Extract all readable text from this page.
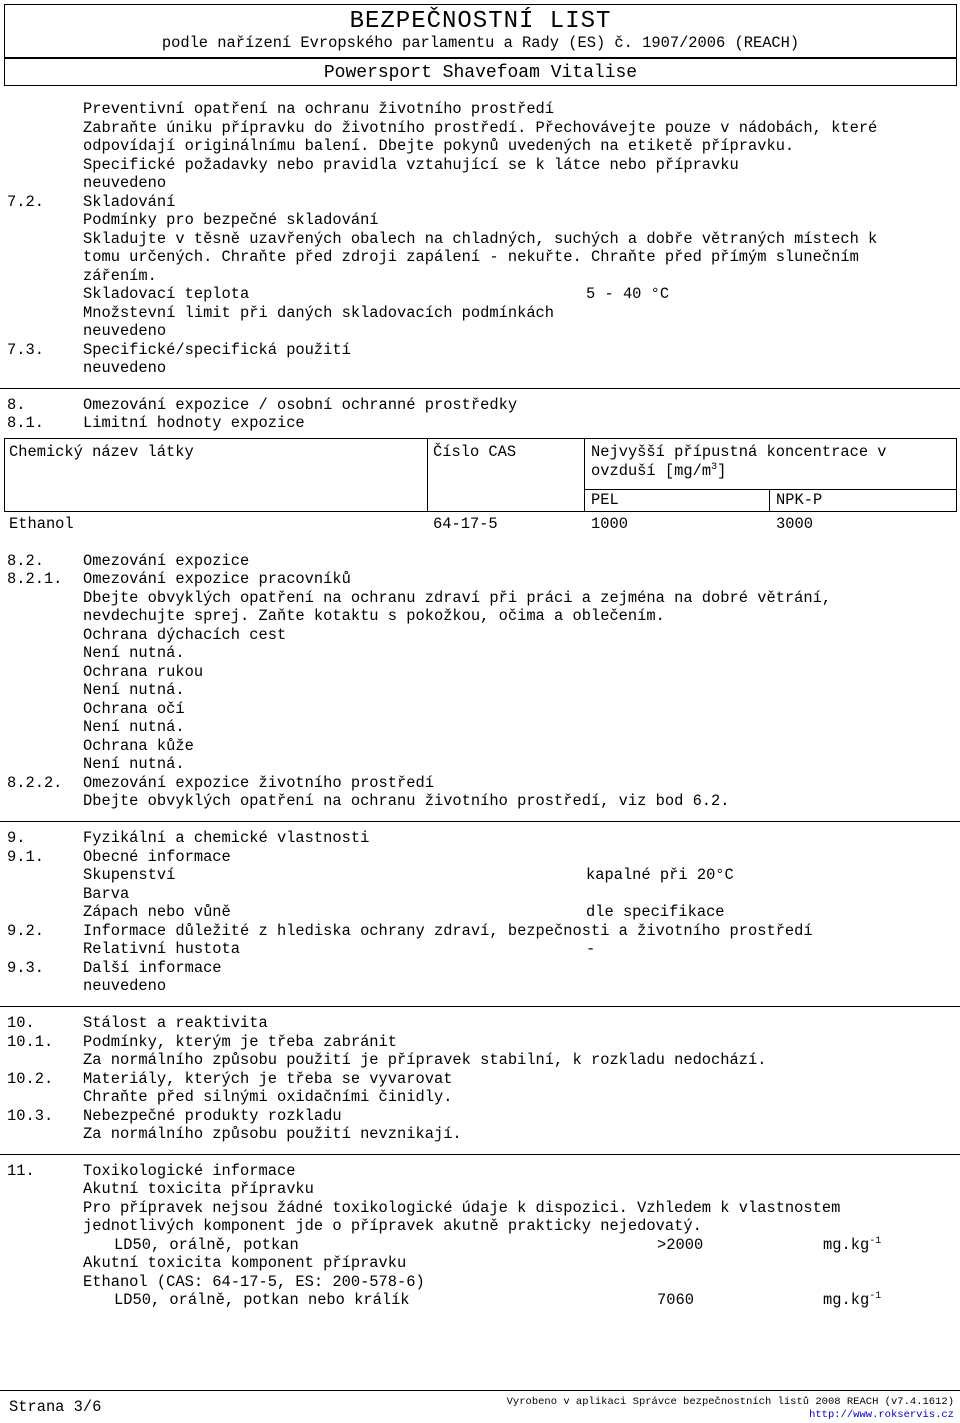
BEZPEČNOSTNÍ LIST
podle nařízení Evropského parlamentu a Rady (ES) č. 1907/2006 (REACH)
Powersport Shavefoam Vitalise
Preventivní opatření na ochranu životního prostředí
Zabraňte úniku přípravku do životního prostředí. Přechovávejte pouze v nádobách, které
odpovídají originálnímu balení. Dbejte pokynů uvedených na etiketě přípravku.
Specifické požadavky nebo pravidla vztahující se k látce nebo přípravku
neuvedeno
7.2.	Skladování
Podmínky pro bezpečné skladování
Skladujte v těsně uzavřených obalech na chladných, suchých a dobře větraných místech k
tomu určených. Chraňte před zdroji zapálení - nekuřte. Chraňte před přímým slunečním
zářením.
Skladovací teplota	5 - 40 °C
Množstevní limit při daných skladovacích podmínkách
neuvedeno
7.3.	Specifické/specifická použití
neuvedeno
8.	Omezování expozice / osobní ochranné prostředky
8.1.	Limitní hodnoty expozice
Chemický název látky	Číslo CAS	Nejvyšší přípustná koncentrace v
ovzduší $[mg/m^3]$
PEL	NPK-P
Ethanol	64-17-5	1000	3000
8.2.	Omezování expozice
8.2.1. Omezování expozice pracovníků
Dbejte obvyklých opatření na ochranu zdraví při práci a zejména na dobré větrání,
nevdechujte sprej. Zaňte kotaktu s pokožkou, očima a oblečením.
Ochrana dýchacích cest
Není nutná.
Ochrana rukou
Není nutná.
Ochrana očí
Není nutná.
Ochrana kůže
Není nutná.
8.2.2. Omezování expozice životního prostředí
Dbejte obvyklých opatření na ochranu životního prostředí, viz bod 6.2.
9.	Fyzikální a chemické vlastnosti
9.1.	Obecné informace
Skupenství	kapalné při 20°C
Barva
Zápach nebo vůně	dle specifikace
9.2.	Informace důležité z hlediska ochrany zdraví, bezpečnosti a životního prostředí
Relativní hustota	-
9.3.	Další informace
neuvedeno
10.	Stálost a reaktivita
10.1. Podmínky, kterým je třeba zabránit
Za normálního způsobu použití je přípravek stabilní, k rozkladu nedochází.
10.2. Materiály, kterých je třeba se vyvarovat
Chraňte před silnými oxidačními činidly.
10.3. Nebezpečné produkty rozkladu
Za normálního způsobu použití nevznikají.
11.	Toxikologické informace
Akutní toxicita přípravku
Pro přípravek nejsou žádné toxikologické údaje k dispozici. Vzhledem k vlastnostem
jednotlivých komponent jde o přípravek akutně prakticky nejedovatý.
LD50, orálně, potkan	>2000	$mg.kg^{-1}$
Akutní toxicita komponent přípravku
Ethanol (CAS: 64-17-5, ES: 200-578-6)
LD50, orálně, potkan nebo králík	7060	$mg.kg^{-1}$
Strana 3/6	Vyrobeno v aplikaci Správce bezpečnostních listů 2008 REACH (v7.4.1612)
http://www.rokservis.cz
